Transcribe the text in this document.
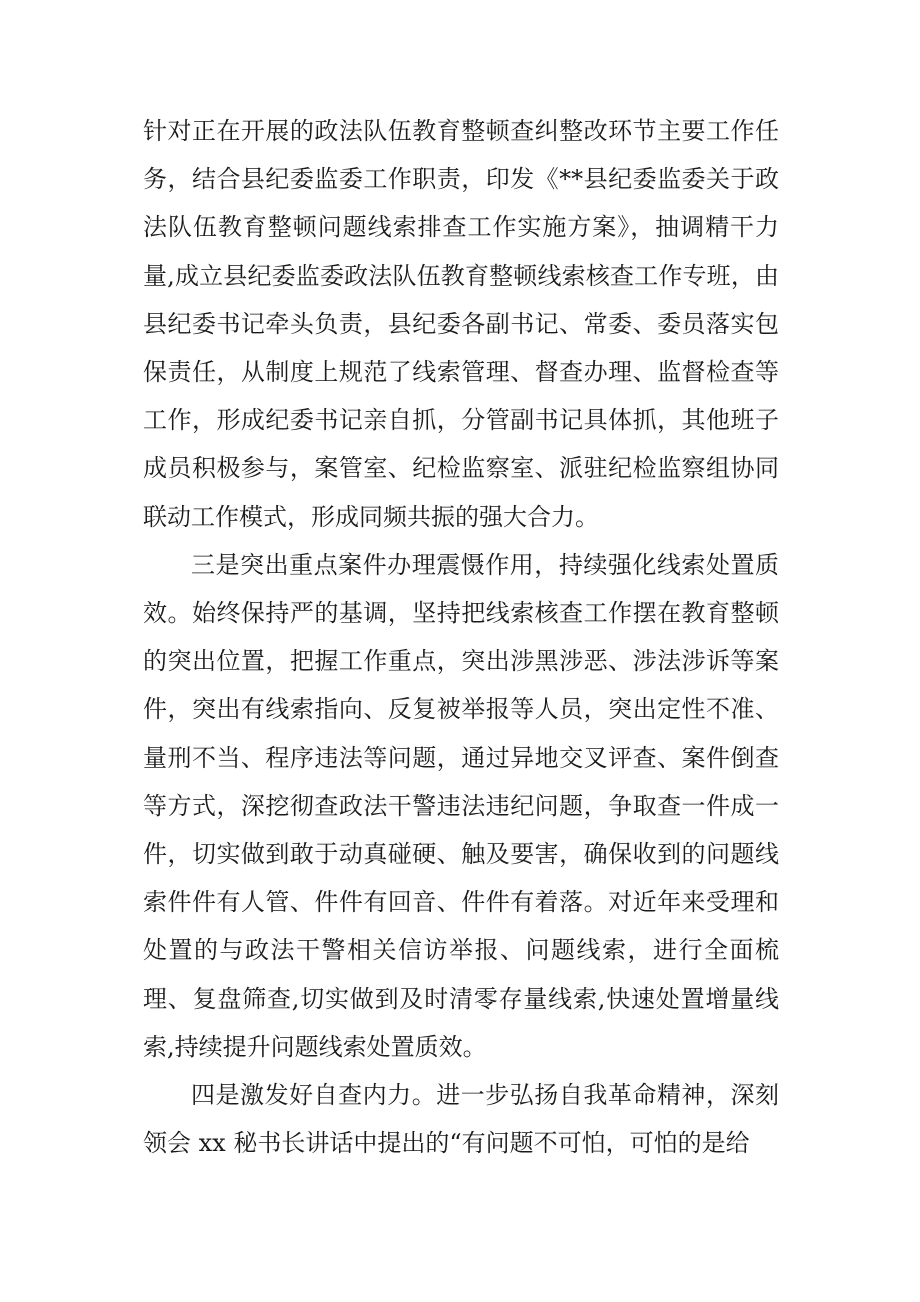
针对正在开展的政法队伍教育整顿查纠整改环节主要工作任务，结合县纪委监委工作职责，印发《**县纪委监委关于政法队伍教育整顿问题线索排查工作实施方案》，抽调精干力量,成立县纪委监委政法队伍教育整顿线索核查工作专班，由县纪委书记牵头负责，县纪委各副书记、常委、委员落实包保责任，从制度上规范了线索管理、督查办理、监督检查等工作，形成纪委书记亲自抓，分管副书记具体抓，其他班子成员积极参与，案管室、纪检监察室、派驻纪检监察组协同联动工作模式，形成同频共振的强大合力。

三是突出重点案件办理震慑作用，持续强化线索处置质效。始终保持严的基调，坚持把线索核查工作摆在教育整顿的突出位置，把握工作重点，突出涉黑涉恶、涉法涉诉等案件，突出有线索指向、反复被举报等人员，突出定性不准、量刑不当、程序违法等问题，通过异地交叉评查、案件倒查等方式，深挖彻查政法干警违法违纪问题，争取查一件成一件，切实做到敢于动真碰硬、触及要害，确保收到的问题线索件件有人管、件件有回音、件件有着落。对近年来受理和处置的与政法干警相关信访举报、问题线索，进行全面梳理、复盘筛查,切实做到及时清零存量线索,快速处置增量线索,持续提升问题线索处置质效。

四是激发好自查内力。进一步弘扬自我革命精神，深刻领会 xx 秘书长讲话中提出的“有问题不可怕，可怕的是给
